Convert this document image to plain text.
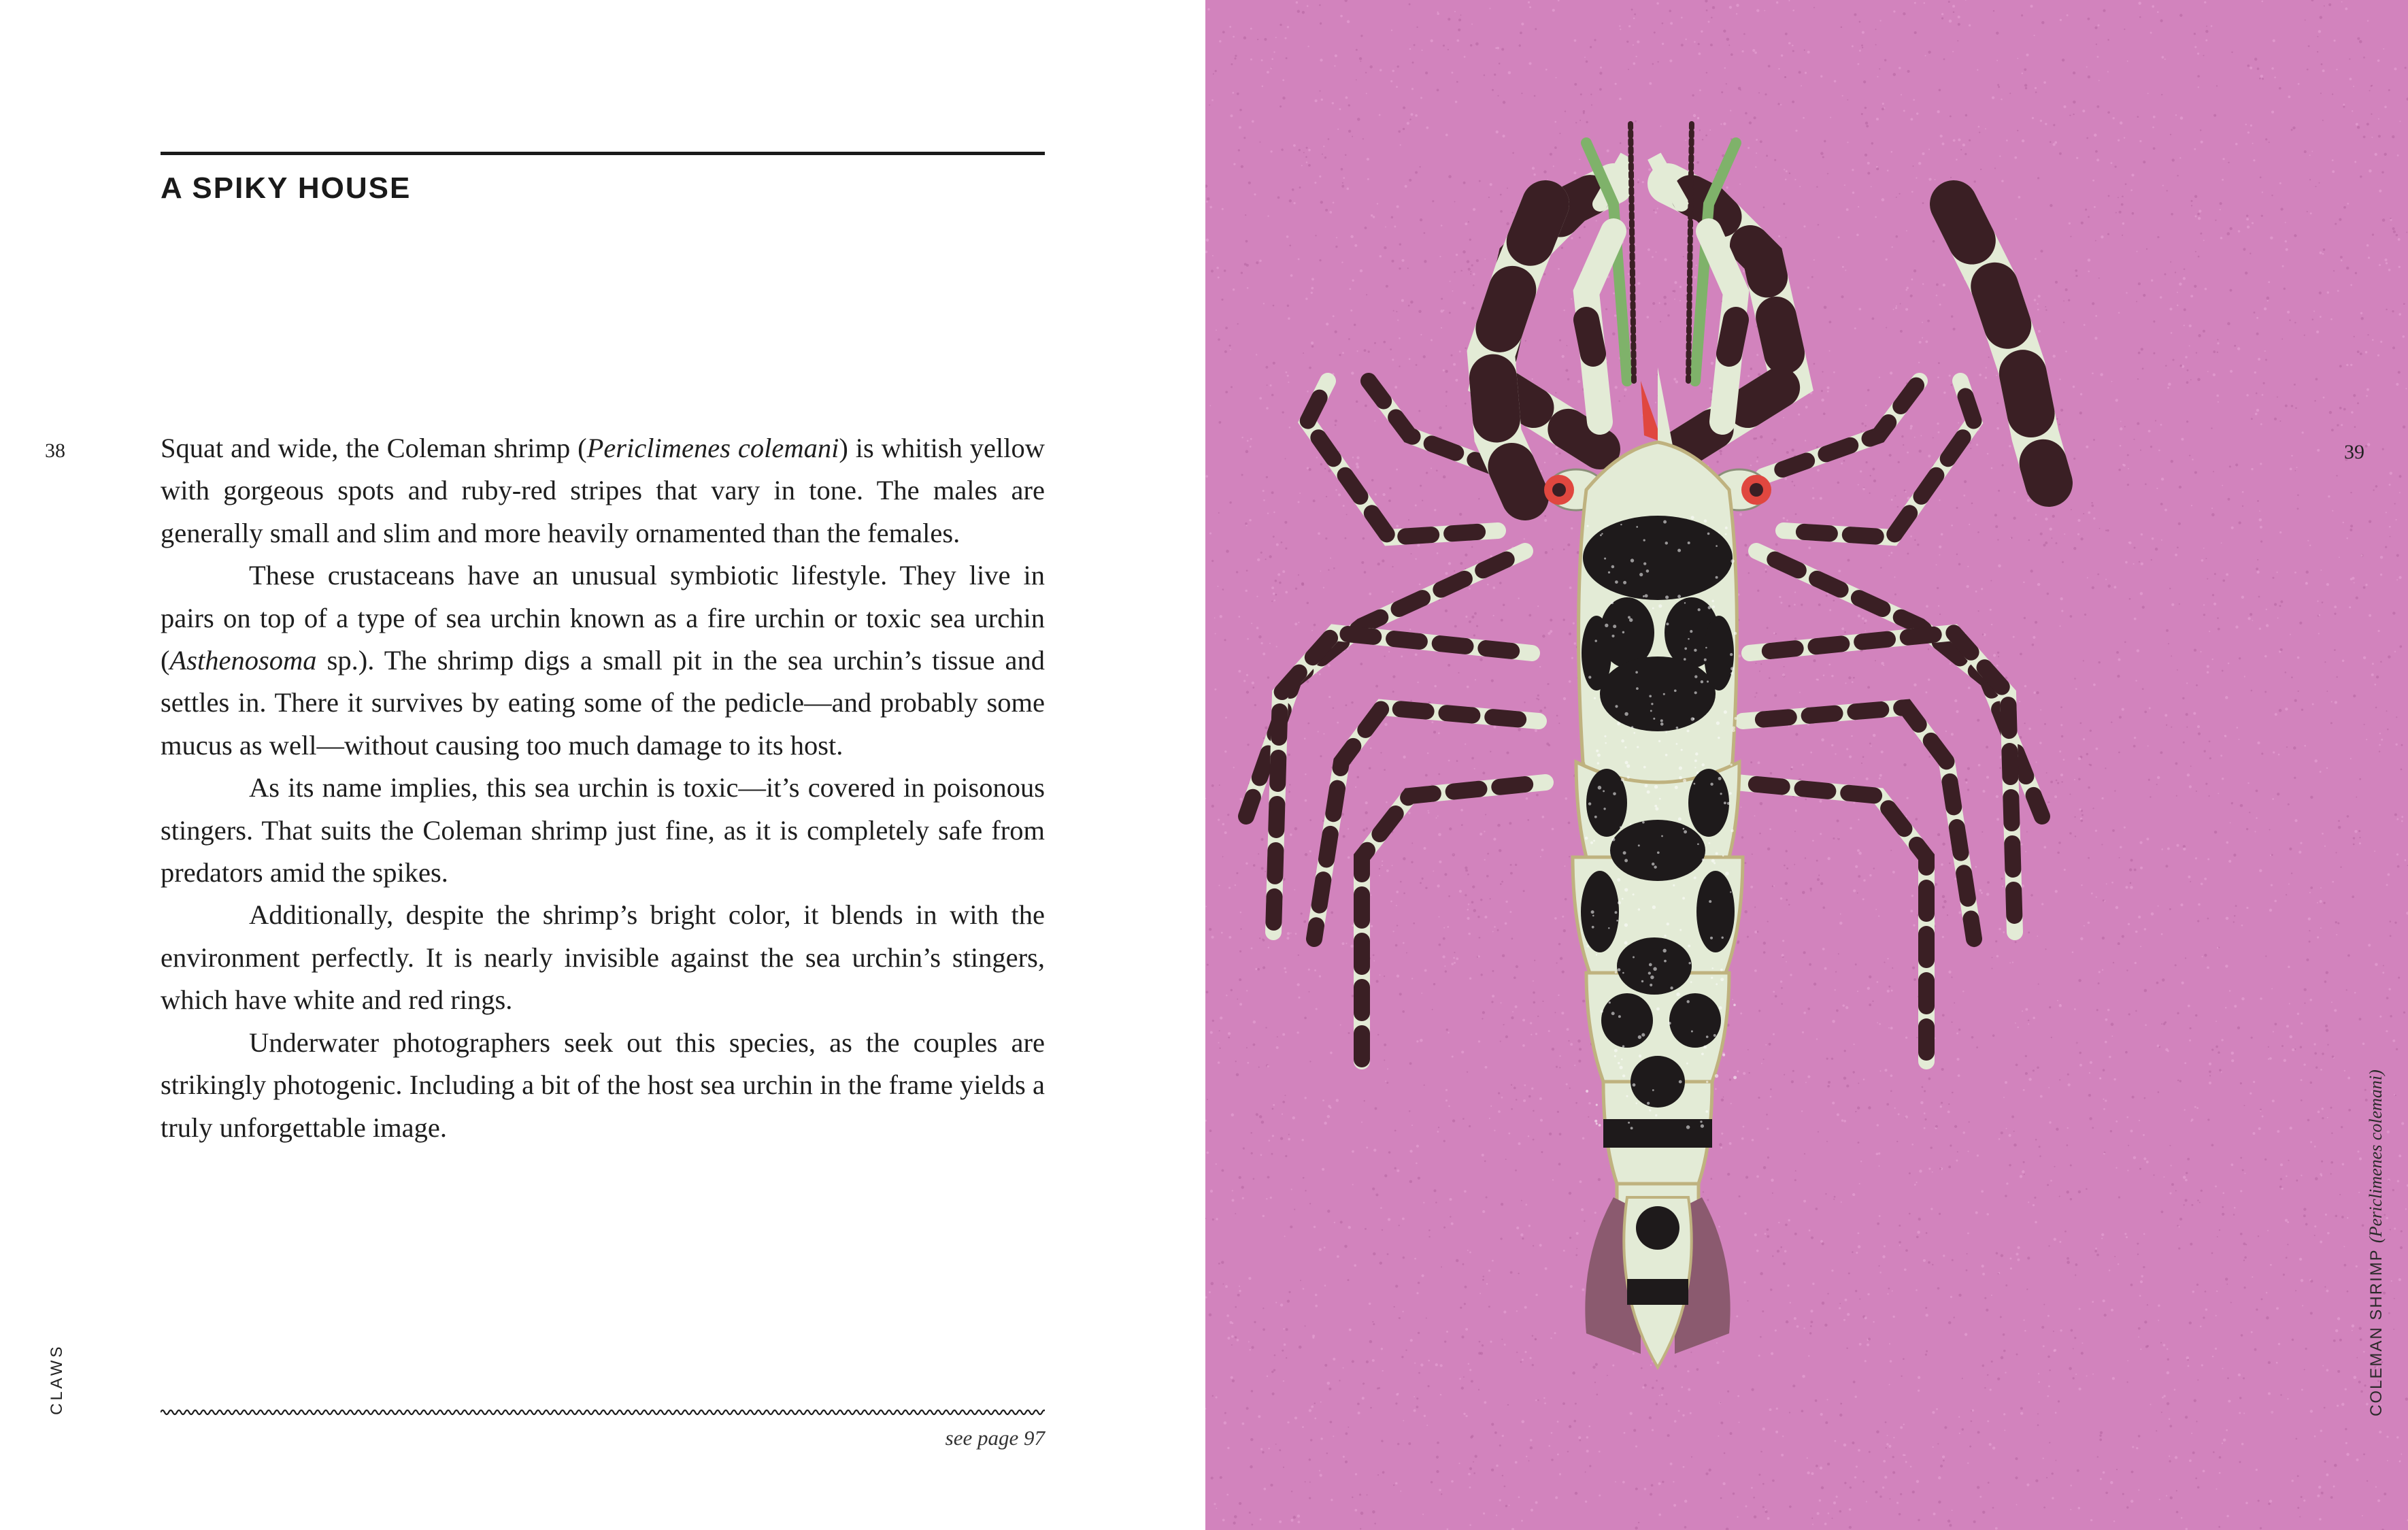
A SPIKY HOUSE
38	Squat and wide, the Coleman shrimp (Periclimenes colemani) is whitish yellow with gorgeous spots and ruby-red stripes that vary in tone. The males are generally small and slim and more heavily ornamented than the females.

These crustaceans have an unusual symbiotic lifestyle. They live in pairs on top of a type of sea urchin known as a fire urchin or toxic sea urchin (Asthenosoma sp.). The shrimp digs a small pit in the sea urchin’s tissue and settles in. There it survives by eating some of the pedicle—and probably some mucus as well—without causing too much damage to its host.

As its name implies, this sea urchin is toxic—it’s covered in poisonous stingers. That suits the Coleman shrimp just fine, as it is completely safe from predators amid the spikes.

Additionally, despite the shrimp’s bright color, it blends in with the environment perfectly. It is nearly invisible against the sea urchin’s stingers, which have white and red rings.

Underwater photographers seek out this species, as the couples are strikingly photogenic. Including a bit of the host sea urchin in the frame yields a truly unforgettable image.

CLAWS
see page 97
39
COLEMAN SHRIMP (Periclimenes colemani)
